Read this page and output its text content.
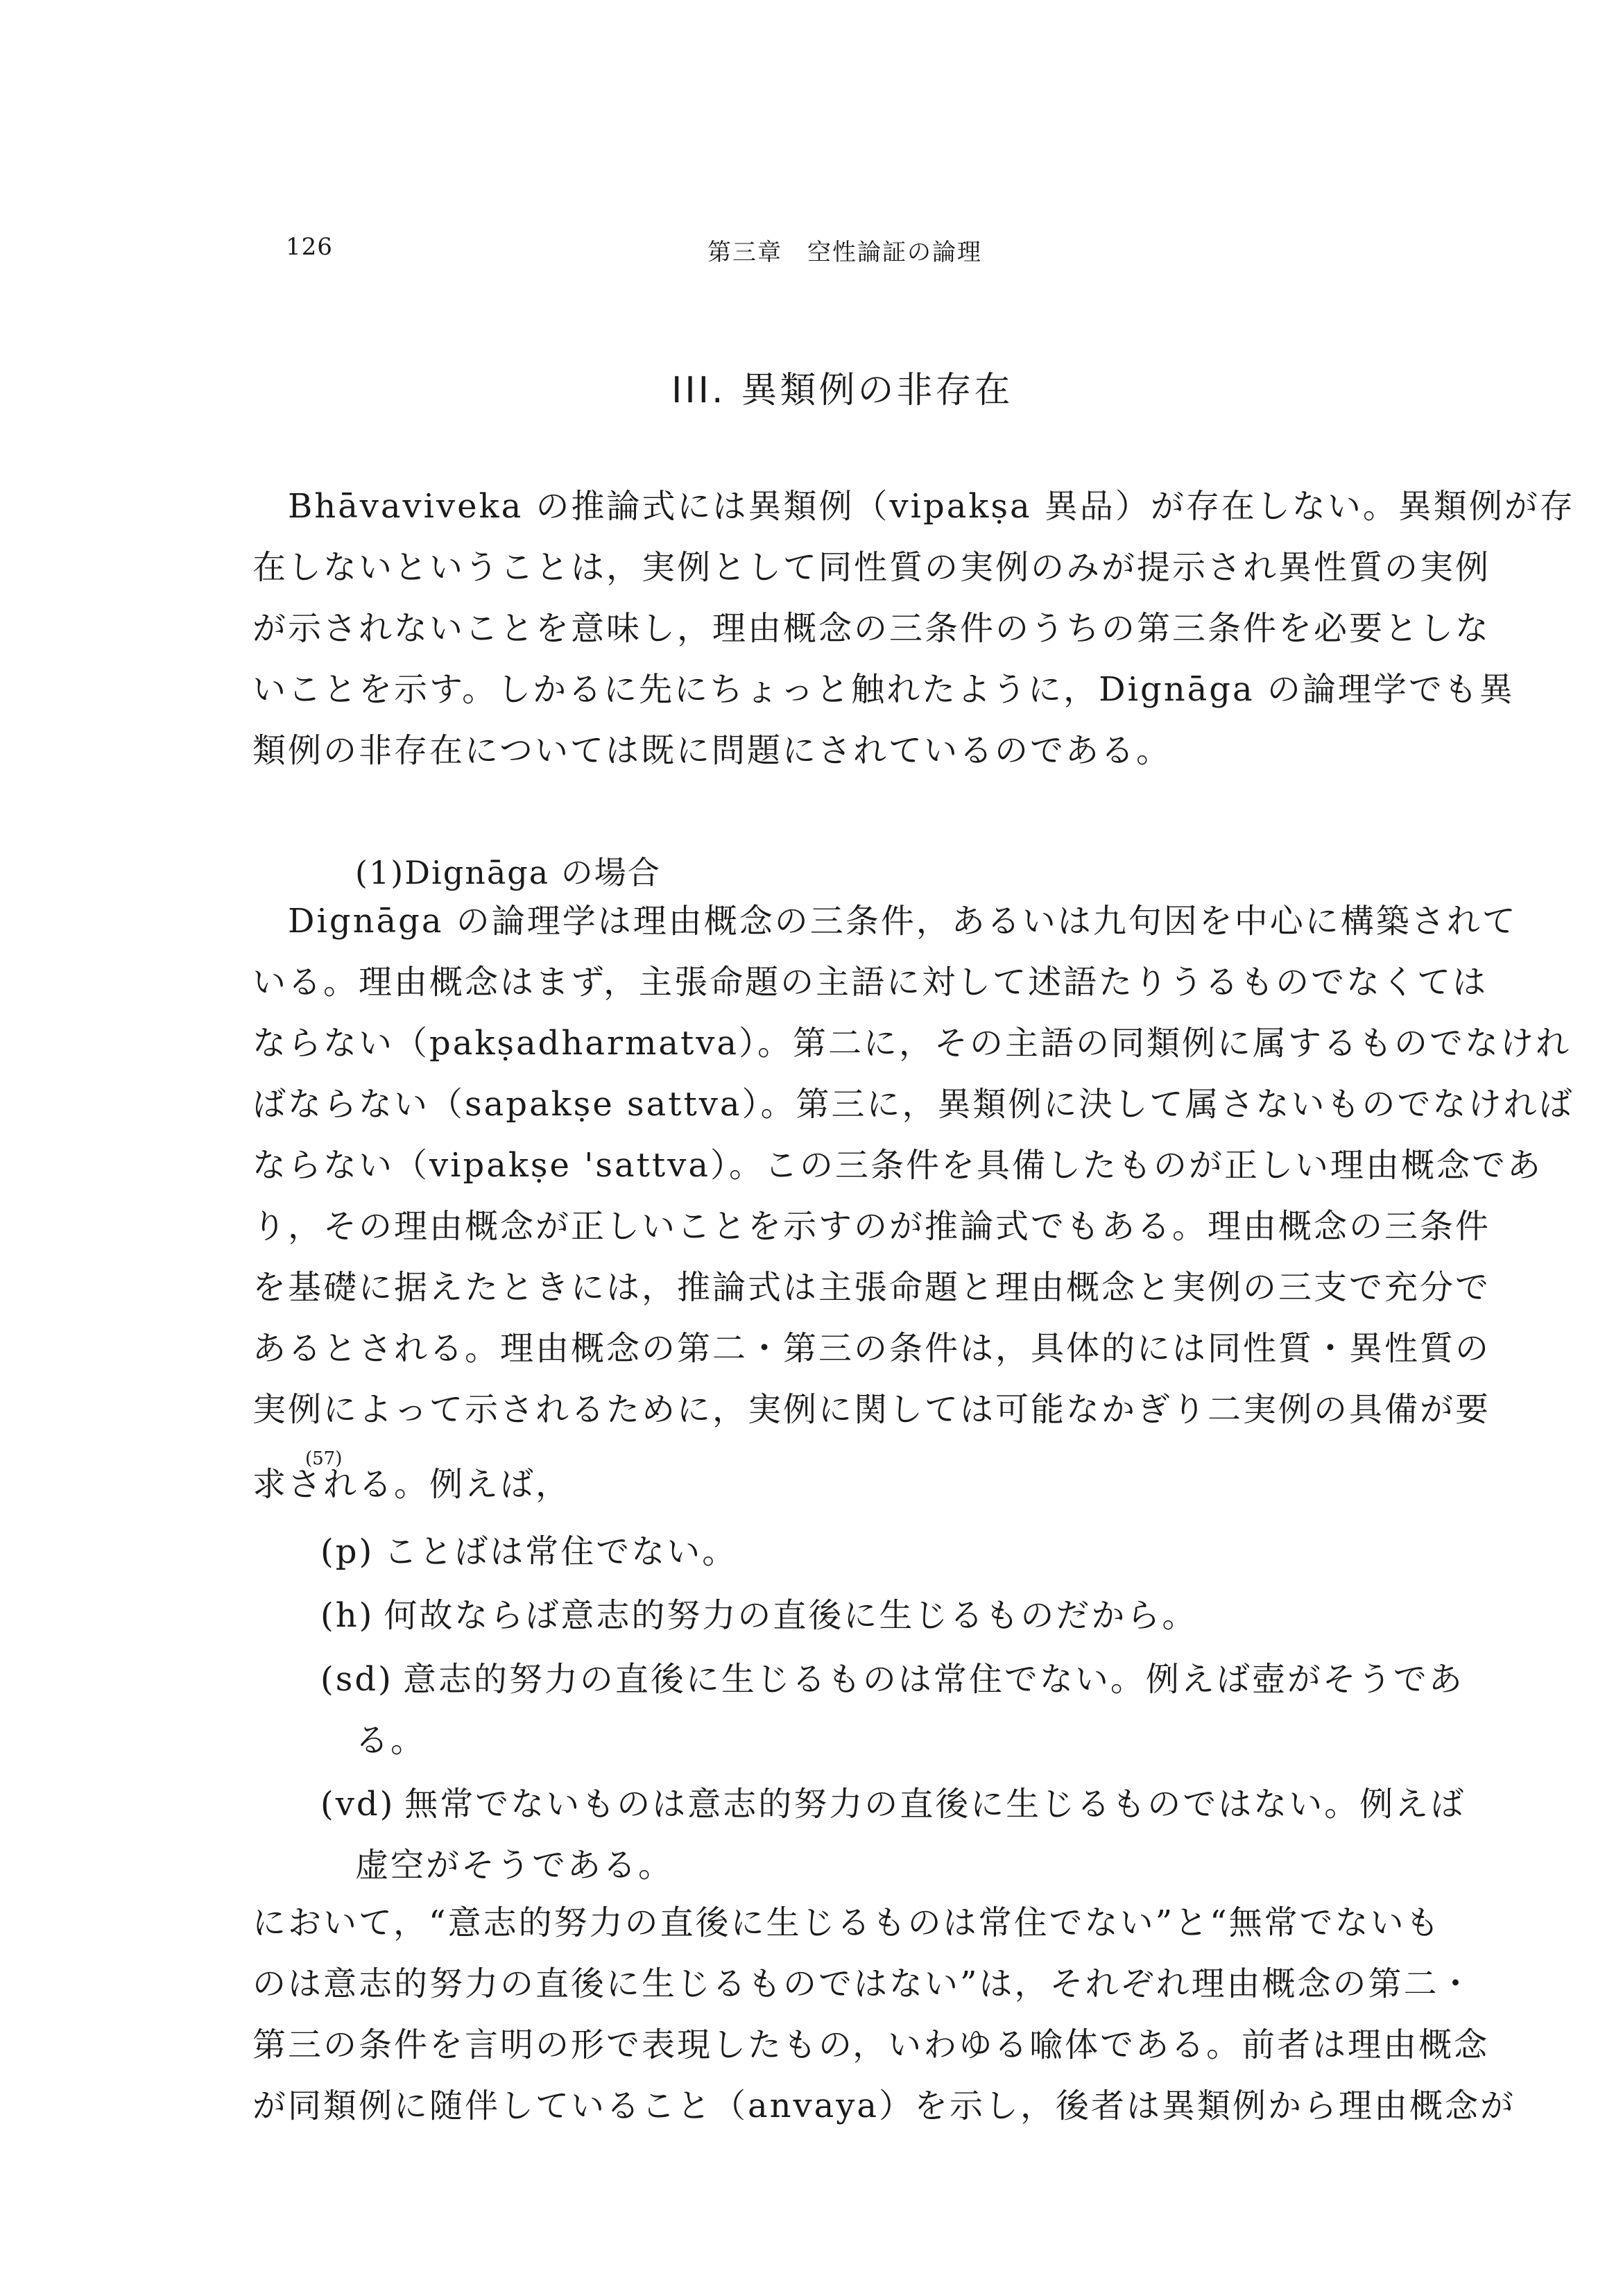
126	第三章　空性論証の論理
III. 異類例の非存在
　Bhāvaviveka の推論式には異類例（vipakṣa 異品）が存在しない。異類例が存
在しないということは，実例として同性質の実例のみが提示され異性質の実例
が示されないことを意味し，理由概念の三条件のうちの第三条件を必要としな
いことを示す。しかるに先にちょっと触れたように，Dignāga の論理学でも異
類例の非存在については既に問題にされているのである。
(1)Dignāga の場合
　Dignāga の論理学は理由概念の三条件，あるいは九句因を中心に構築されて
いる。理由概念はまず，主張命題の主語に対して述語たりうるものでなくては
ならない（pakṣadharmatva）。第二に，その主語の同類例に属するものでなけれ
ばならない（sapakṣe sattva）。第三に，異類例に決して属さないものでなければ
ならない（vipakṣe 'sattva）。この三条件を具備したものが正しい理由概念であ
り，その理由概念が正しいことを示すのが推論式でもある。理由概念の三条件
を基礎に据えたときには，推論式は主張命題と理由概念と実例の三支で充分で
あるとされる。理由概念の第二・第三の条件は，具体的には同性質・異性質の
実例によって示されるために，実例に関しては可能なかぎり二実例の具備が要
(57)
求される。例えば，
(p) ことばは常住でない。
(h) 何故ならば意志的努力の直後に生じるものだから。
(sd) 意志的努力の直後に生じるものは常住でない。例えば壺がそうであ
る。
(vd) 無常でないものは意志的努力の直後に生じるものではない。例えば
虚空がそうである。
において，“意志的努力の直後に生じるものは常住でない”と“無常でないも
のは意志的努力の直後に生じるものではない”は，それぞれ理由概念の第二・
第三の条件を言明の形で表現したもの，いわゆる喩体である。前者は理由概念
が同類例に随伴していること（anvaya）を示し，後者は異類例から理由概念が
